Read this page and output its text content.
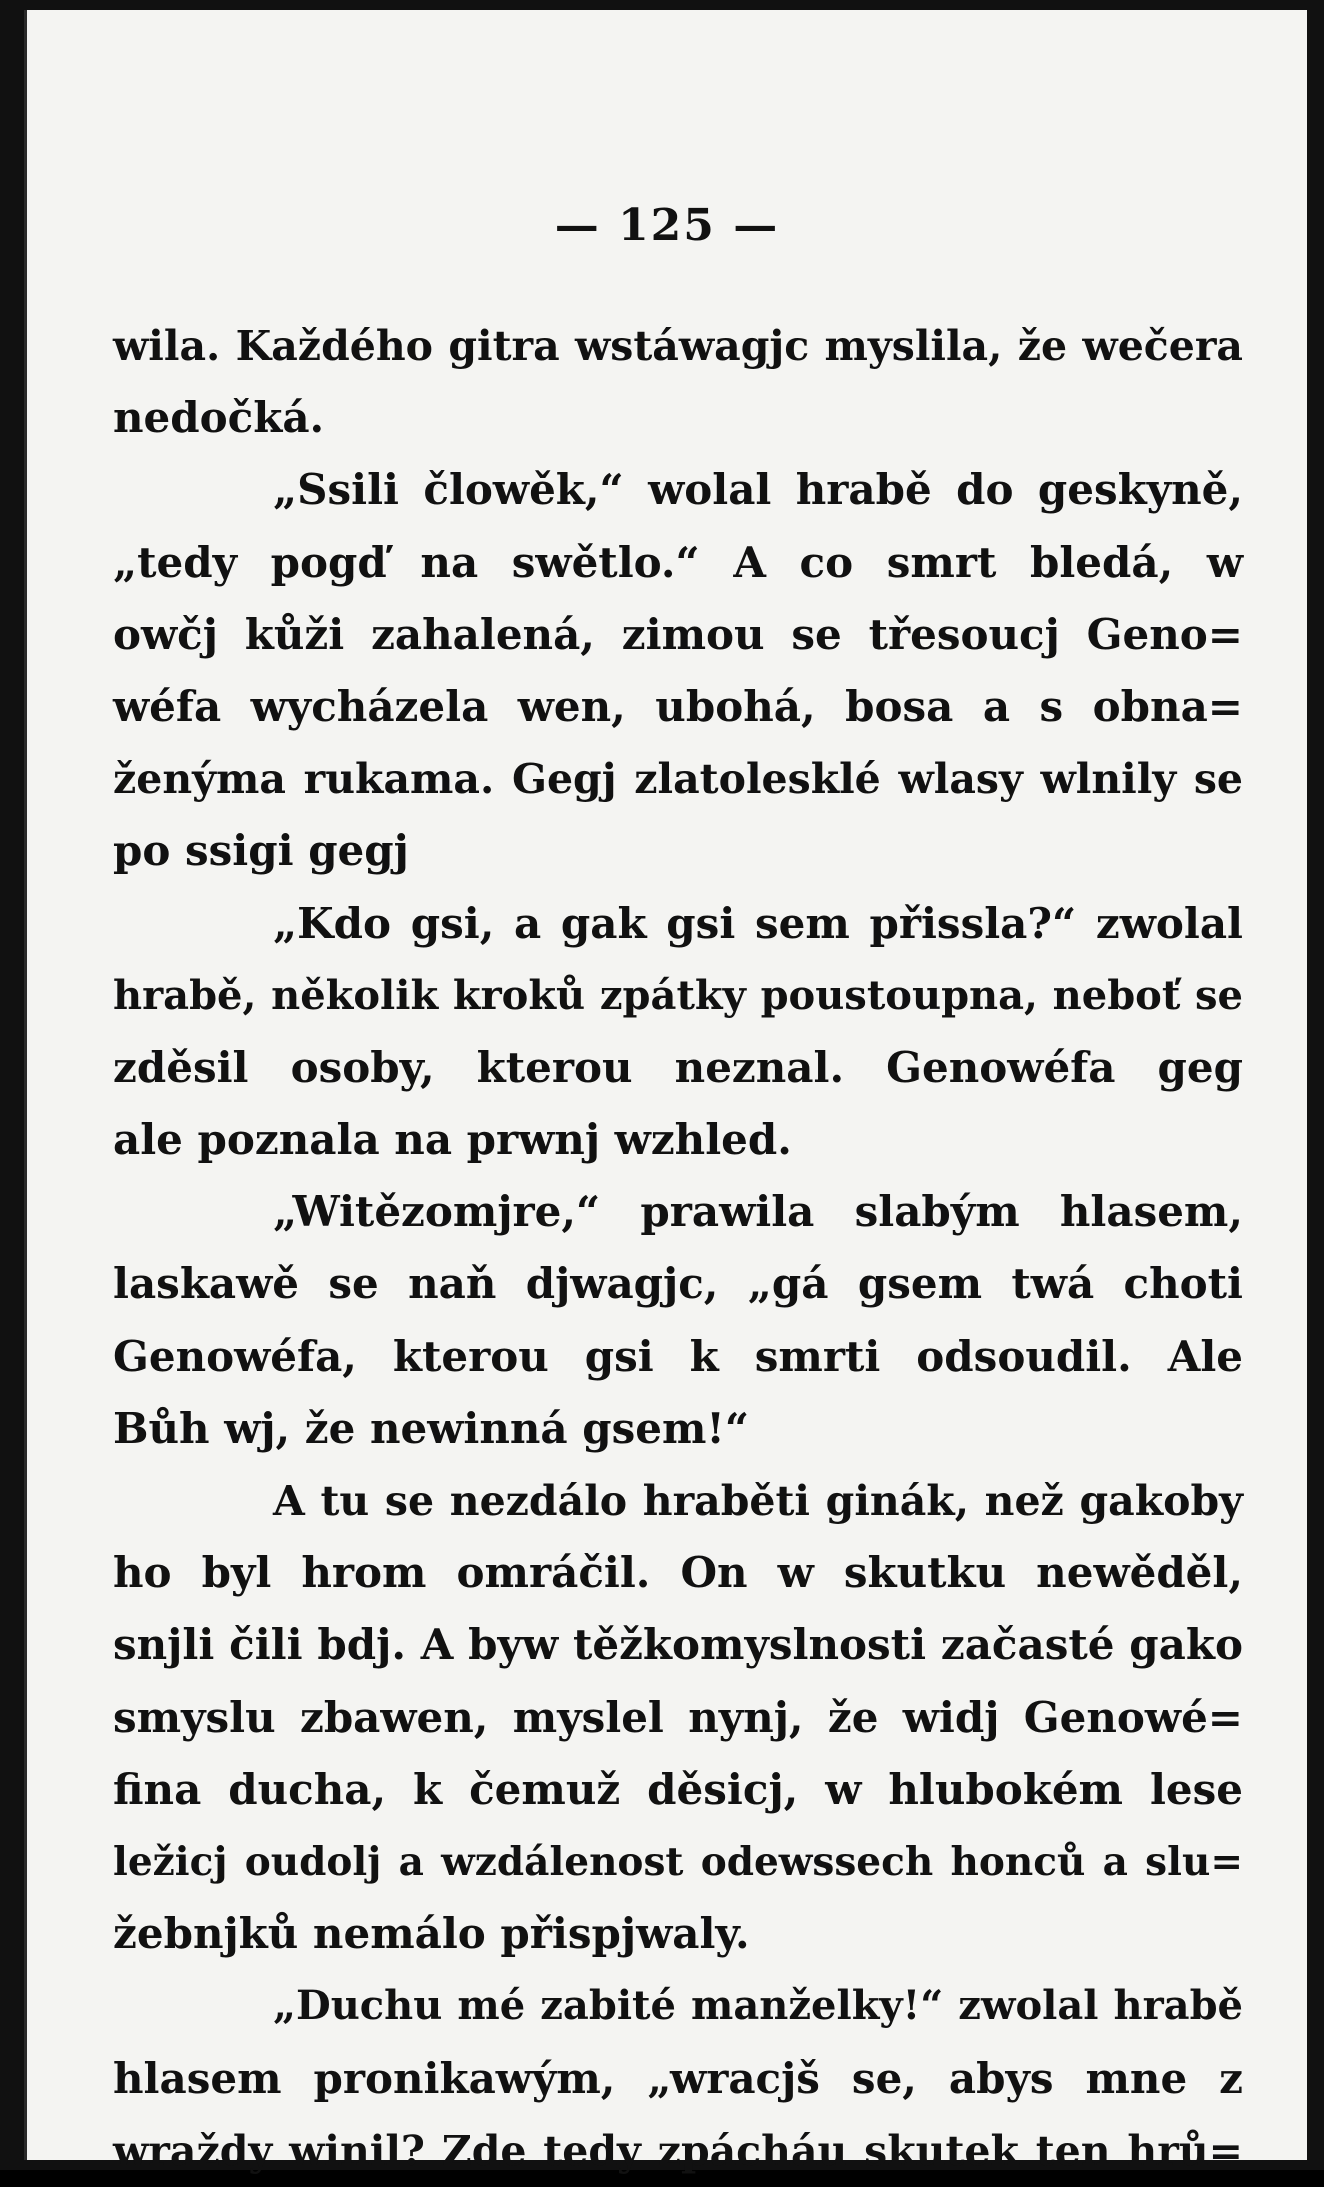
— 125 —
wila. Každého gitra wstáwagjc myslila, že wečera
nedočká.
„Ssili člowěk,“ wolal hrabě do geskyně,
„tedy pogď na swětlo.“ A co smrt bledá, w
owčj kůži zahalená, zimou se třesoucj Geno=
wéfa wycházela wen, ubohá, bosa a s obna=
ženýma rukama. Gegj zlatolesklé wlasy wlnily se
po ssigi gegj
„Kdo gsi, a gak gsi sem přissla?“ zwolal
hrabě, několik kroků zpátky poustoupna, neboť se
zděsil osoby, kterou neznal. Genowéfa geg
ale poznala na prwnj wzhled.
„Witězomjre,“ prawila slabým hlasem,
laskawě se naň djwagjc, „gá gsem twá choti
Genowéfa, kterou gsi k smrti odsoudil. Ale
Bůh wj, že newinná gsem!“
A tu se nezdálo hraběti ginák, než gakoby
ho byl hrom omráčil. On w skutku newěděl,
snjli čili bdj. A byw těžkomyslnosti začasté gako
smyslu zbawen, myslel nynj, že widj Genowé=
fina ducha, k čemuž děsicj, w hlubokém lese
ležicj oudolj a wzdálenost odewssech honců a slu=
žebnjků nemálo přispjwaly.
„Duchu mé zabité manželky!“ zwolal hrabě
hlasem pronikawým, „wracjš se, abys mne z
wraždy winil? Zde tedy zpácháu skutek ten hrů=
